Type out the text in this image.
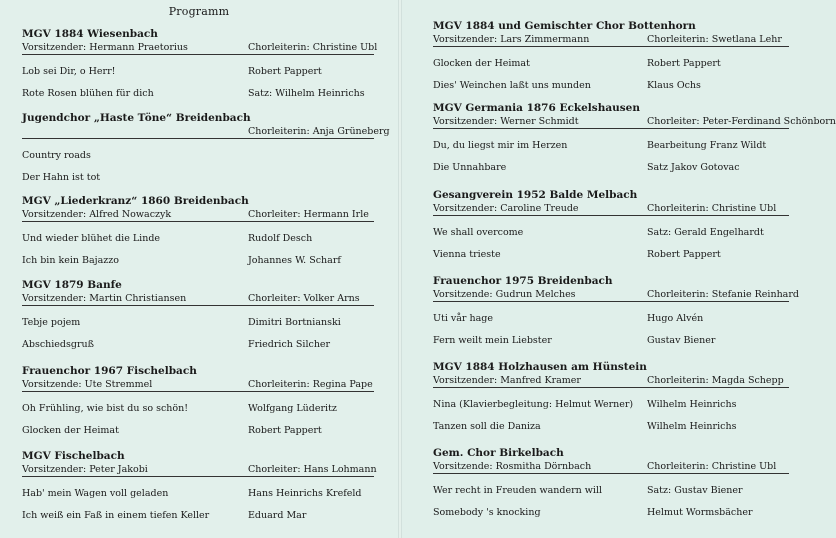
Programm
MGV 1884 Wiesenbach
Vorsitzender: Hermann Praetorius	Chorleiterin: Christine Ubl
Lob sei Dir, o Herr!	Robert Pappert
Rote Rosen blühen für dich	Satz: Wilhelm Heinrichs
Jugendchor „Haste Töne“ Breidenbach
Chorleiterin: Anja Grüneberg
Country roads
Der Hahn ist tot
MGV „Liederkranz“ 1860 Breidenbach
Vorsitzender: Alfred Nowaczyk	Chorleiter: Hermann Irle
Und wieder blühet die Linde	Rudolf Desch
Ich bin kein Bajazzo	Johannes W. Scharf
MGV 1879 Banfe
Vorsitzender: Martin Christiansen	Chorleiter: Volker Arns
Tebje pojem	Dimitri Bortnianski
Abschiedsgruß	Friedrich Silcher
Frauenchor 1967 Fischelbach
Vorsitzende: Ute Stremmel	Chorleiterin: Regina Pape
Oh Frühling, wie bist du so schön!	Wolfgang Lüderitz
Glocken der Heimat	Robert Pappert
MGV Fischelbach
Vorsitzender: Peter Jakobi	Chorleiter: Hans Lohmann
Hab' mein Wagen voll geladen	Hans Heinrichs Krefeld
Ich weiß ein Faß in einem tiefen Keller	Eduard Mar
MGV 1884 und Gemischter Chor Bottenhorn
Vorsitzender: Lars Zimmermann	Chorleiterin: Swetlana Lehr
Glocken der Heimat	Robert Pappert
Dies' Weinchen laßt uns munden	Klaus Ochs
MGV Germania 1876 Eckelshausen
Vorsitzender: Werner Schmidt	Chorleiter: Peter-Ferdinand Schönborn
Du, du liegst mir im Herzen	Bearbeitung Franz Wildt
Die Unnahbare	Satz Jakov Gotovac
Gesangverein 1952 Balde Melbach
Vorsitzender: Caroline Treude	Chorleiterin: Christine Ubl
We shall overcome	Satz: Gerald Engelhardt
Vienna trieste	Robert Pappert
Frauenchor 1975 Breidenbach
Vorsitzende: Gudrun Melches	Chorleiterin: Stefanie Reinhard
Uti vår hage	Hugo Alvén
Fern weilt mein Liebster	Gustav Biener
MGV 1884 Holzhausen am Hünstein
Vorsitzender: Manfred Kramer	Chorleiterin: Magda Schepp
Nina (Klavierbegleitung: Helmut Werner) Wilhelm Heinrichs
Tanzen soll die Daniza	Wilhelm Heinrichs
Gem. Chor Birkelbach
Vorsitzende: Rosmitha Dörnbach	Chorleiterin: Christine Ubl
Wer recht in Freuden wandern will	Satz: Gustav Biener
Somebody 's knocking	Helmut Wormsbächer
